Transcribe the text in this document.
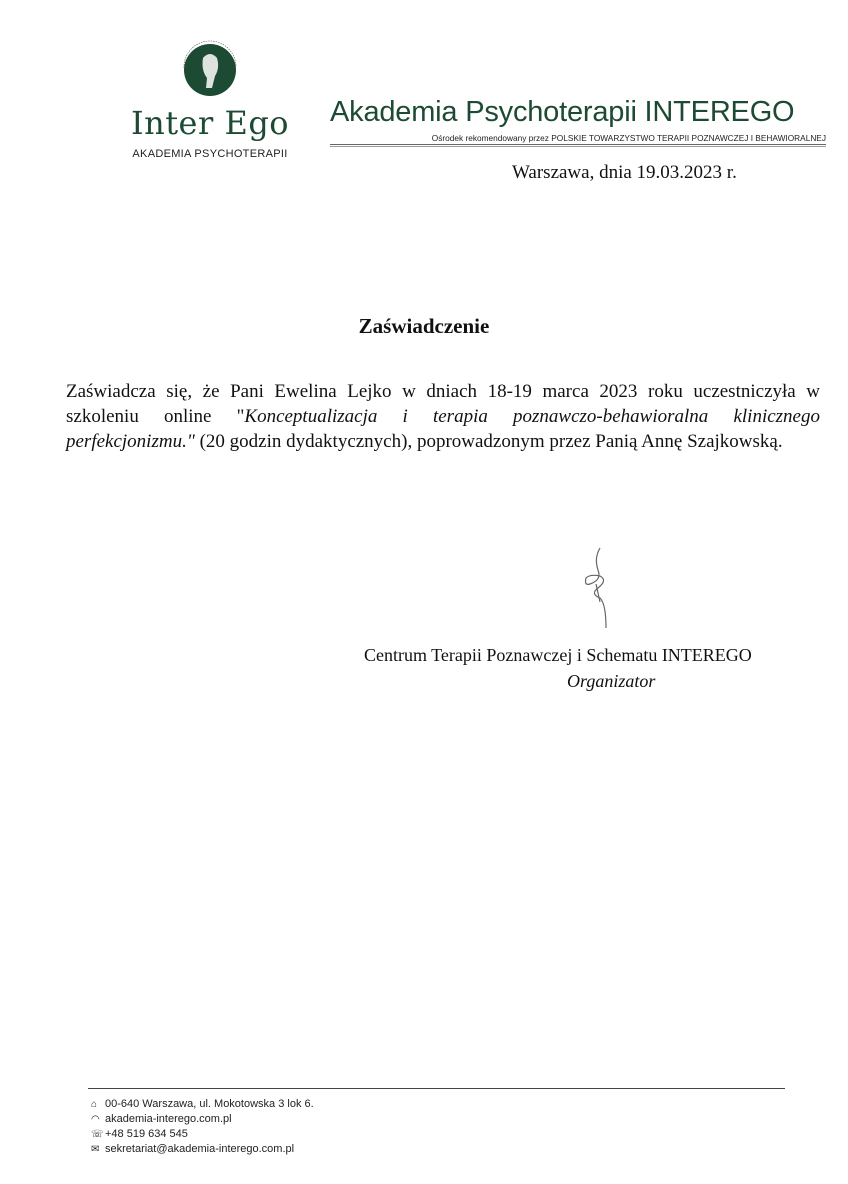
Inter Ego
AKADEMIA PSYCHOTERAPII
Akademia Psychoterapii INTEREGO
Ośrodek rekomendowany przez POLSKIE TOWARZYSTWO TERAPII POZNAWCZEJ I BEHAWIORALNEJ
Warszawa, dnia 19.03.2023 r.
Zaświadczenie
Zaświadcza się, że Pani Ewelina Lejko w dniach 18-19 marca 2023 roku uczestniczyła w szkoleniu online "Konceptualizacja i terapia poznawczo-behawioralna klinicznego perfekcjonizmu." (20 godzin dydaktycznych), poprowadzonym przez Panią Annę Szajkowską.
Centrum Terapii Poznawczej i Schematu INTEREGO
Organizator
⌂ 00-640 Warszawa, ul. Mokotowska 3 lok 6.
◠ akademia-interego.com.pl
☏+48 519 634 545
✉ sekretariat@akademia-interego.com.pl
